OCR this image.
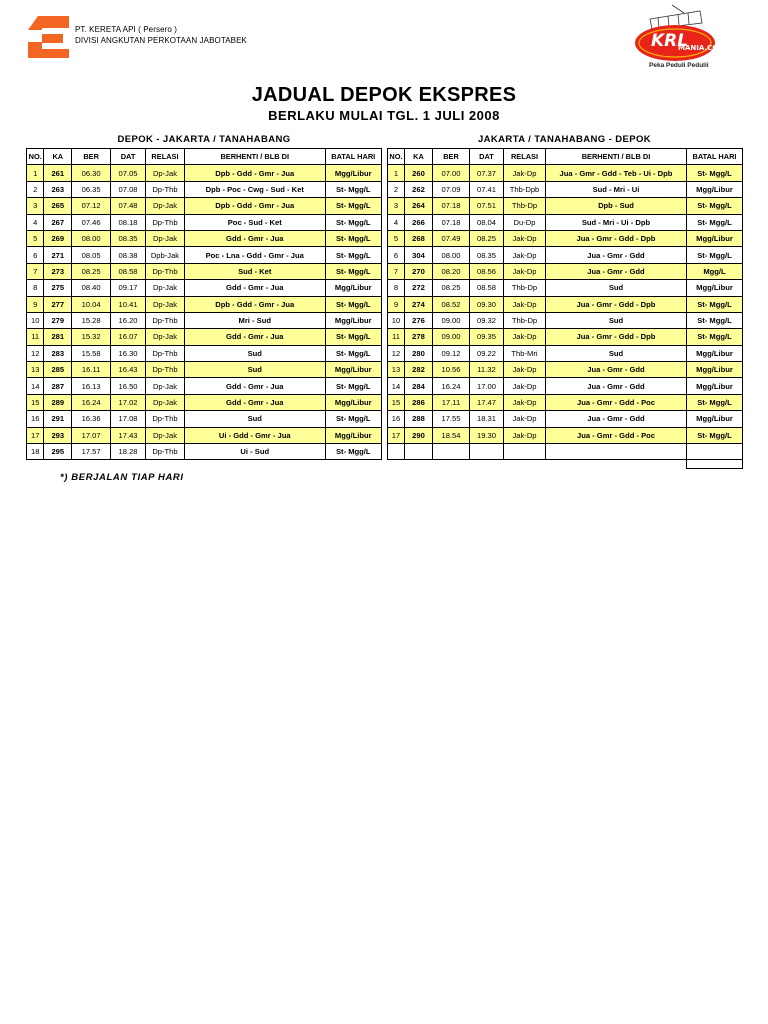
PT. KERETA API ( Persero )
DIVISI ANGKUTAN PERKOTAAN JABOTABEK	KRL
MANIA.COM
Peka Peduli Pedulii
JADUAL DEPOK EKSPRES
BERLAKU MULAI TGL. 1 JULI 2008
DEPOK - JAKARTA / TANAHABANG	JAKARTA / TANAHABANG - DEPOK
NO.	KA	BER	DAT	RELASI	BERHENTI / BLB DI	BATAL HARI
1	261	06.30	07.05	Dp-Jak	Dpb - Gdd - Gmr - Jua	Mgg/Libur
2	263	06.35	07.08	Dp-Thb	Dpb - Poc - Cwg - Sud - Ket	St- Mgg/L
3	265	07.12	07.48	Dp-Jak	Dpb - Gdd - Gmr - Jua	St- Mgg/L
4	267	07.46	08.18	Dp-Thb	Poc - Sud - Ket	St- Mgg/L
5	269	08.00	08.35	Dp-Jak	Gdd - Gmr - Jua	St- Mgg/L
6	271	08.05	08.38	Dpb-Jak	Poc - Lna - Gdd - Gmr - Jua	St- Mgg/L
7	273	08.25	08.58	Dp-Thb	Sud - Ket	St- Mgg/L
8	275	08.40	09.17	Dp-Jak	Gdd - Gmr - Jua	Mgg/Libur
9	277	10.04	10.41	Dp-Jak	Dpb - Gdd - Gmr - Jua	St- Mgg/L
10	279	15.28	16.20	Dp-Thb	Mri - Sud	Mgg/Libur
11	281	15.32	16.07	Dp-Jak	Gdd - Gmr - Jua	St- Mgg/L
12	283	15.58	16.30	Dp-Thb	Sud	St- Mgg/L
13	285	16.11	16.43	Dp-Thb	Sud	Mgg/Libur
14	287	16.13	16.50	Dp-Jak	Gdd - Gmr - Jua	St- Mgg/L
15	289	16.24	17.02	Dp-Jak	Gdd - Gmr - Jua	Mgg/Libur
16	291	16.36	17.08	Dp-Thb	Sud	St- Mgg/L
17	293	17.07	17.43	Dp-Jak	Ui - Gdd - Gmr - Jua	Mgg/Libur
18	295	17.57	18.28	Dp-Thb	Ui - Sud	St- Mgg/L
NO.	KA	BER	DAT	RELASI	BERHENTI / BLB DI	BATAL HARI
1	260	07.00	07.37	Jak-Dp	Jua - Gmr - Gdd - Teb - Ui - Dpb	St- Mgg/L
2	262	07.09	07.41	Thb-Dpb	Sud - Mri - Ui	Mgg/Libur
3	264	07.18	07.51	Thb-Dp	Dpb - Sud	St- Mgg/L
4	266	07.18	08.04	Du-Dp	Sud - Mri - Ui - Dpb	St- Mgg/L
5	268	07.49	08.25	Jak-Dp	Jua - Gmr - Gdd - Dpb	Mgg/Libur
6	304	08.00	08.35	Jak-Dp	Jua - Gmr - Gdd	St- Mgg/L
7	270	08.20	08.56	Jak-Dp	Jua - Gmr - Gdd	Mgg/L
8	272	08.25	08.58	Thb-Dp	Sud	Mgg/Libur
9	274	08.52	09.30	Jak-Dp	Jua - Gmr - Gdd - Dpb	St- Mgg/L
10	276	09.00	09.32	Thb-Dp	Sud	St- Mgg/L
11	278	09.00	09.35	Jak-Dp	Jua - Gmr - Gdd - Dpb	St- Mgg/L
12	280	09.12	09.22	Thb-Mri	Sud	Mgg/Libur
13	282	10.56	11.32	Jak-Dp	Jua - Gmr - Gdd	Mgg/Libur
14	284	16.24	17.00	Jak-Dp	Jua - Gmr - Gdd	Mgg/Libur
15	286	17.11	17.47	Jak-Dp	Jua - Gmr - Gdd - Poc	St- Mgg/L
16	288	17.55	18.31	Jak-Dp	Jua - Gmr - Gdd	Mgg/Libur
17	290	18.54	19.30	Jak-Dp	Jua - Gmr - Gdd - Poc	St- Mgg/L

*) BERJALAN TIAP HARI
